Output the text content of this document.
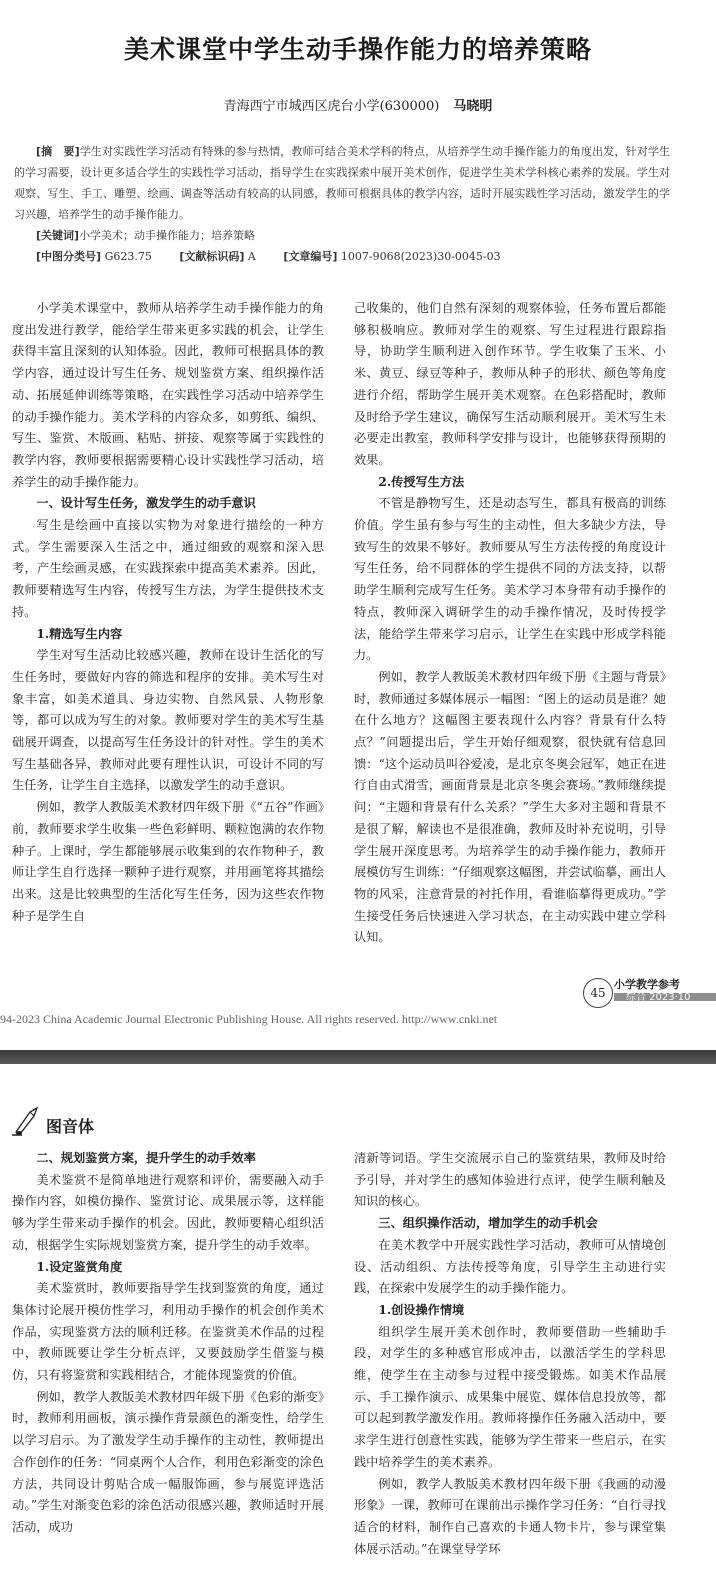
美术课堂中学生动手操作能力的培养策略
青海西宁市城西区虎台小学(630000) 马晓明

[摘　要]学生对实践性学习活动有特殊的参与热情，教师可结合美术学科的特点，从培养学生动手操作能力的角度出发，针对学生的学习需要，设计更多适合学生的实践性学习活动，指导学生在实践探索中展开美术创作，促进学生美术学科核心素养的发展。学生对观察、写生、手工、雕塑、绘画、调查等活动有较高的认同感，教师可根据具体的教学内容，适时开展实践性学习活动，激发学生的学习兴趣，培养学生的动手操作能力。

[关键词]小学美术；动手操作能力；培养策略
[中图分类号] G623.75	[文献标识码] A	[文章编号] 1007-9068(2023)30-0045-03

小学美术课堂中，教师从培养学生动手操作能力的角度出发进行教学，能给学生带来更多实践的机会，让学生获得丰富且深刻的认知体验。因此，教师可根据具体的教学内容，通过设计写生任务、规划鉴赏方案、组织操作活动、拓展延伸训练等策略，在实践性学习活动中培养学生的动手操作能力。美术学科的内容众多，如剪纸、编织、写生、鉴赏、木版画、粘贴、拼接、观察等属于实践性的教学内容，教师要根据需要精心设计实践性学习活动，培养学生的动手操作能力。

一、设计写生任务，激发学生的动手意识

写生是绘画中直接以实物为对象进行描绘的一种方式。学生需要深入生活之中，通过细致的观察和深入思考，产生绘画灵感，在实践探索中提高美术素养。因此，教师要精选写生内容，传授写生方法，为学生提供技术支持。

1.精选写生内容

学生对写生活动比较感兴趣，教师在设计生活化的写生任务时，要做好内容的筛选和程序的安排。美术写生对象丰富，如美术道具、身边实物、自然风景、人物形象等，都可以成为写生的对象。教师要对学生的美术写生基础展开调查，以提高写生任务设计的针对性。学生的美术写生基础各异，教师对此要有理性认识，可设计不同的写生任务，让学生自主选择，以激发学生的动手意识。

例如，教学人教版美术教材四年级下册《“五谷”作画》前，教师要求学生收集一些色彩鲜明、颗粒饱满的农作物种子。上课时，学生都能够展示收集到的农作物种子，教师让学生自行选择一颗种子进行观察，并用画笔将其描绘出来。这是比较典型的生活化写生任务，因为这些农作物种子是学生自

己收集的，他们自然有深刻的观察体验，任务布置后都能够积极响应。教师对学生的观察、写生过程进行跟踪指导，协助学生顺利进入创作环节。学生收集了玉米、小米、黄豆、绿豆等种子，教师从种子的形状、颜色等角度进行介绍，帮助学生展开美术观察。在色彩搭配时，教师及时给予学生建议，确保写生活动顺利展开。美术写生未必要走出教室，教师科学安排与设计，也能够获得预期的效果。

2.传授写生方法

不管是静物写生，还是动态写生，都具有极高的训练价值。学生虽有参与写生的主动性，但大多缺少方法，导致写生的效果不够好。教师要从写生方法传授的角度设计写生任务，给不同群体的学生提供不同的方法支持，以帮助学生顺利完成写生任务。美术学习本身带有动手操作的特点，教师深入调研学生的动手操作情况，及时传授学法，能给学生带来学习启示，让学生在实践中形成学科能力。

例如，教学人教版美术教材四年级下册《主题与背景》时，教师通过多媒体展示一幅图：“图上的运动员是谁？她在什么地方？这幅图主要表现什么内容？背景有什么特点？”问题提出后，学生开始仔细观察，很快就有信息回馈：“这个运动员叫谷爱凌，是北京冬奥会冠军，她正在进行自由式滑雪，画面背景是北京冬奥会赛场。”教师继续提问：“主题和背景有什么关系？”学生大多对主题和背景不是很了解，解读也不是很准确，教师及时补充说明，引导学生展开深度思考。为培养学生的动手操作能力，教师开展模仿写生训练：“仔细观察这幅图，并尝试临摹，画出人物的风采，注意背景的衬托作用，看谁临摹得更成功。”学生接受任务后快速进入学习状态，在主动实践中建立学科认知。

45
小学教学参考
综合 2023·10
94-2023 China Academic Journal Electronic Publishing House. All rights reserved. http://www.cnki.net
图音体
二、规划鉴赏方案，提升学生的动手效率

美术鉴赏不是简单地进行观察和评价，需要融入动手操作内容，如模仿操作、鉴赏讨论、成果展示等，这样能够为学生带来动手操作的机会。因此，教师要精心组织活动，根据学生实际规划鉴赏方案，提升学生的动手效率。

1.设定鉴赏角度

美术鉴赏时，教师要指导学生找到鉴赏的角度，通过集体讨论展开模仿性学习，利用动手操作的机会创作美术作品，实现鉴赏方法的顺利迁移。在鉴赏美术作品的过程中，教师既要让学生分析点评，又要鼓励学生借鉴与模仿，只有将鉴赏和实践相结合，才能体现鉴赏的价值。

例如，教学人教版美术教材四年级下册《色彩的渐变》时，教师利用画板，演示操作背景颜色的渐变性，给学生以学习启示。为了激发学生动手操作的主动性，教师提出合作创作的任务：“同桌两个人合作，利用色彩渐变的涂色方法，共同设计剪贴合成一幅服饰画，参与展览评选活动。”学生对渐变色彩的涂色活动很感兴趣，教师适时开展活动，成功

清新等词语。学生交流展示自己的鉴赏结果，教师及时给予引导，并对学生的感知体验进行点评，使学生顺利触及知识的核心。

三、组织操作活动，增加学生的动手机会

在美术教学中开展实践性学习活动，教师可从情境创设、活动组织、方法传授等角度，引导学生主动进行实践，在探索中发展学生的动手操作能力。

1.创设操作情境

组织学生展开美术创作时，教师要借助一些辅助手段，对学生的多种感官形成冲击，以激活学生的学科思维，使学生在主动参与过程中接受锻炼。如美术作品展示、手工操作演示、成果集中展览、媒体信息投放等，都可以起到教学激发作用。教师将操作任务融入活动中，要求学生进行创意性实践，能够为学生带来一些启示，在实践中培养学生的美术素养。

例如，教学人教版美术教材四年级下册《我画的动漫形象》一课，教师可在课前出示操作学习任务：“自行寻找适合的材料，制作自己喜欢的卡通人物卡片，参与课堂集体展示活动。”在课堂导学环
